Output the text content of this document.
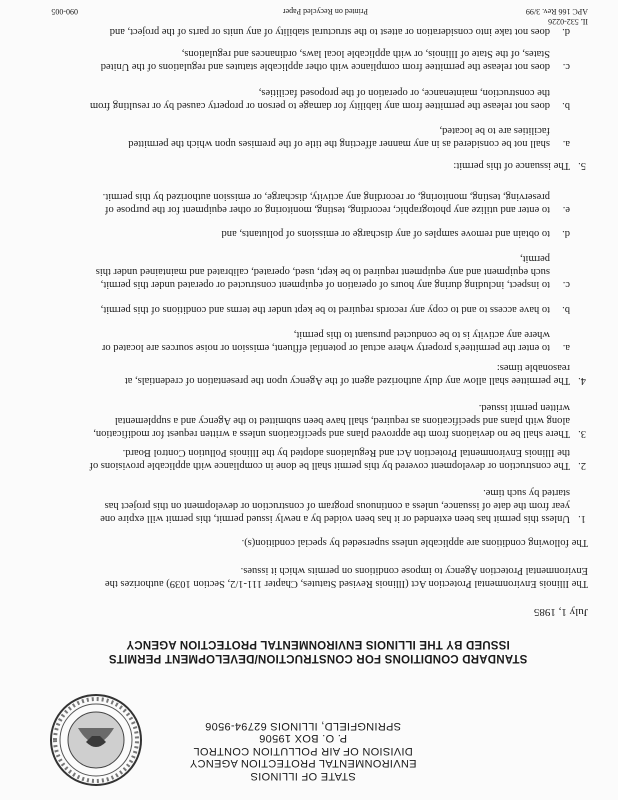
STATE OF ILLINOIS
ENVIRONMENTAL PROTECTION AGENCY
DIVISION OF AIR POLLUTION CONTROL
P. O. BOX 19506
SPRINGFIELD, ILLINOIS 62794-9506
STANDARD CONDITIONS FOR CONSTRUCTION/DEVELOPMENT PERMITS
ISSUED BY THE ILLINOIS ENVIRONMENTAL PROTECTION AGENCY
July 1, 1985
The Illinois Environmental Protection Act (Illinois Revised Statutes, Chapter 111-1/2, Section 1039) authorizes the
Environmental Protection Agency to impose conditions on permits which it issues.
The following conditions are applicable unless superseded by special condition(s).
1.
Unless this permit has been extended or it has been voided by a newly issued permit, this permit will expire one
year from the date of issuance, unless a continuous program of construction or development on this project has
started by such time.
2.
The construction or development covered by this permit shall be done in compliance with applicable provisions of
the Illinois Environmental Protection Act and Regulations adopted by the Illinois Pollution Control Board.
3.
There shall be no deviations from the approved plans and specifications unless a written request for modification,
along with plans and specifications as required, shall have been submitted to the Agency and a supplemental
written permit issued.
4.
The permittee shall allow any duly authorized agent of the Agency upon the presentation of credentials, at
reasonable times:
a.
to enter the permittee's property where actual or potential effluent, emission or noise sources are located or
where any activity is to be conducted pursuant to this permit,
b.
to have access to and to copy any records required to be kept under the terms and conditions of this permit,
c.
to inspect, including during any hours of operation of equipment constructed or operated under this permit,
such equipment and any equipment required to be kept, used, operated, calibrated and maintained under this
permit,
d.
to obtain and remove samples of any discharge or emissions of pollutants, and
e.
to enter and utilize any photographic, recording, testing, monitoring or other equipment for the purpose of
preserving, testing, monitoring, or recording any activity, discharge, or emission authorized by this permit.
5.
The issuance of this permit:
a.
shall not be considered as in any manner affecting the title of the premises upon which the permitted
facilities are to be located,
b.
does not release the permittee from any liability for damage to person or property caused by or resulting from
the construction, maintenance, or operation of the proposed facilities,
c.
does not release the permittee from compliance with other applicable statutes and regulations of the United
States, of the State of Illinois, or with applicable local laws, ordinances and regulations,
d.
does not take into consideration or attest to the structural stability of any units or parts of the project, and
IL 532-0226
APC 166 Rev. 3/99
Printed on Recycled Paper
090-005
